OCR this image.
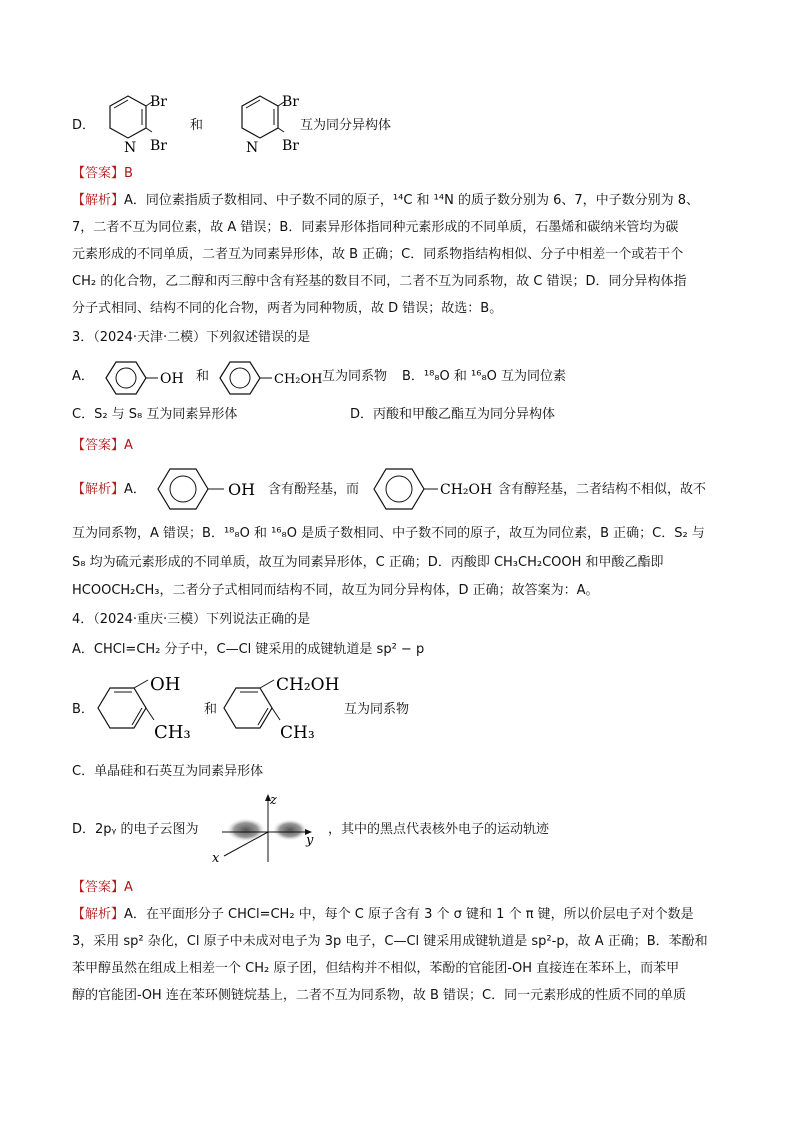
D．
Br
Br
N
和
Br
Br
N
互为同分异构体
【答案】B
【解析】A．同位素指质子数相同、中子数不同的原子，¹⁴C 和 ¹⁴N 的质子数分别为 6、7，中子数分别为 8、
7，二者不互为同位素，故 A 错误；B．同素异形体指同种元素形成的不同单质，石墨烯和碳纳米管均为碳
元素形成的不同单质，二者互为同素异形体，故 B 正确；C．同系物指结构相似、分子中相差一个或若干个
CH₂ 的化合物，乙二醇和丙三醇中含有羟基的数目不同，二者不互为同系物，故 C 错误；D．同分异构体指
分子式相同、结构不同的化合物，两者为同种物质，故 D 错误；故选：B。
3．（2024·天津·二模）下列叙述错误的是
A．	OH 和	CH₂OH 互为同系物 B．¹⁸₈O 和 ¹⁶₈O 互为同位素
C．S₂ 与 S₈ 互为同素异形体	D．丙酸和甲酸乙酯互为同分异构体
【答案】A
【解析】A．	OH 含有酚羟基，而	CH₂OH 含有醇羟基，二者结构不相似，故不
互为同系物，A 错误；B．¹⁸₈O 和 ¹⁶₈O 是质子数相同、中子数不同的原子，故互为同位素，B 正确；C．S₂ 与
S₈ 均为硫元素形成的不同单质，故互为同素异形体，C 正确；D．丙酸即 CH₃CH₂COOH 和甲酸乙酯即
HCOOCH₂CH₃，二者分子式相同而结构不同，故互为同分异构体，D 正确；故答案为：A。
4．（2024·重庆·三模）下列说法正确的是
A．CHCl=CH₂ 分子中，C—Cl 键采用的成键轨道是 sp² − p
B．
OH
CH₃
和
CH₂OH
CH₃
互为同系物
C．单晶硅和石英互为同素异形体
D．2pᵧ 的电子云图为
z
y
x
，其中的黑点代表核外电子的运动轨迹
【答案】A
【解析】A．在平面形分子 CHCl=CH₂ 中，每个 C 原子含有 3 个 σ 键和 1 个 π 键，所以价层电子对个数是
3，采用 sp² 杂化，Cl 原子中未成对电子为 3p 电子，C—Cl 键采用成键轨道是 sp²-p，故 A 正确；B．苯酚和
苯甲醇虽然在组成上相差一个 CH₂ 原子团，但结构并不相似，苯酚的官能团-OH 直接连在苯环上，而苯甲
醇的官能团-OH 连在苯环侧链烷基上，二者不互为同系物，故 B 错误；C．同一元素形成的性质不同的单质
